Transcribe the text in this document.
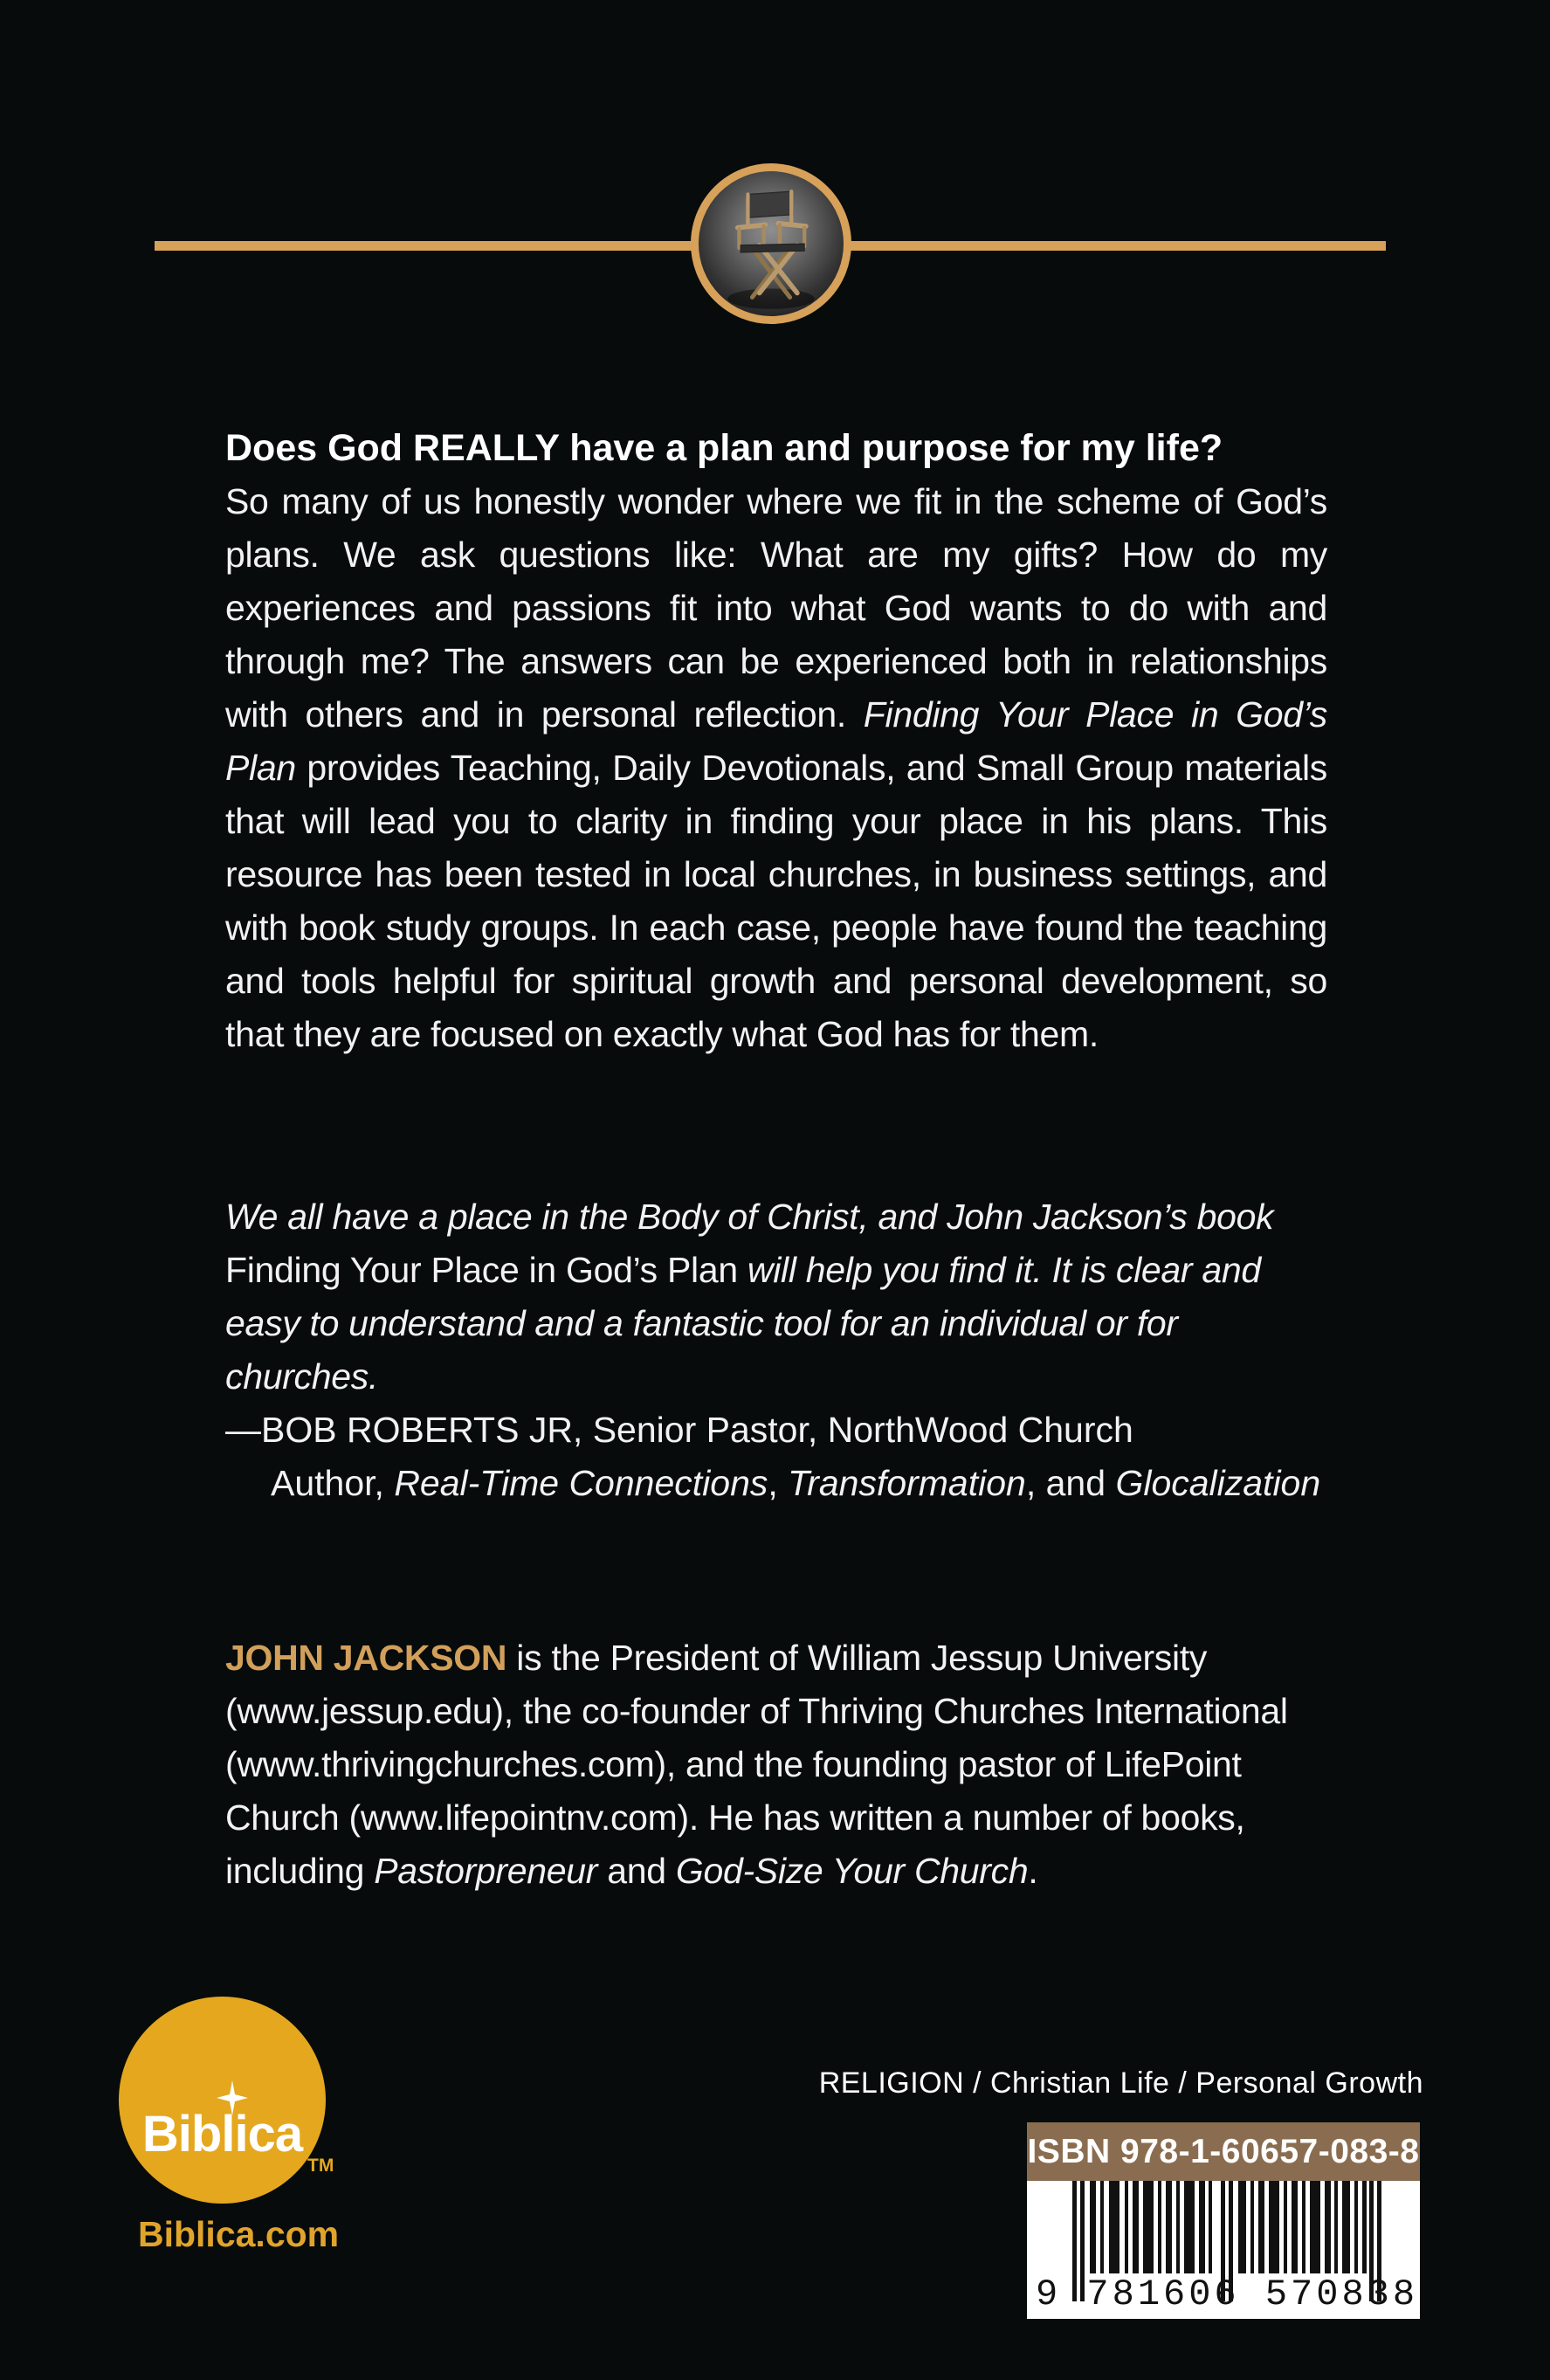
Does God REALLY have a plan and purpose for my life?

So many of us honestly wonder where we fit in the scheme of God’s plans. We ask questions like: What are my gifts? How do my experiences and passions fit into what God wants to do with and through me? The answers can be experienced both in relationships with others and in personal reflection. Finding Your Place in God’s Plan provides Teaching, Daily Devotionals, and Small Group materials that will lead you to clarity in finding your place in his plans. This resource has been tested in local churches, in business settings, and with book study groups. In each case, people have found the teaching and tools helpful for spiritual growth and personal development, so that they are focused on exactly what God has for them.

We all have a place in the Body of Christ, and John Jackson’s book Finding Your Place in God’s Plan will help you find it. It is clear and easy to understand and a fantastic tool for an individual or for churches.

—BOB ROBERTS JR, Senior Pastor, NorthWood Church

Author, Real-Time Connections, Transformation, and Glocalization

JOHN JACKSON is the President of William Jessup University (www.jessup.edu), the co-founder of Thriving Churches International (www.thrivingchurches.com), and the founding pastor of LifePoint Church (www.lifepointnv.com). He has written a number of books, including Pastorpreneur and God-Size Your Church.

Biblica
TM
Biblica.com
RELIGION / Christian Life / Personal Growth
ISBN 978-1-60657-083-8
9 781606 570838
